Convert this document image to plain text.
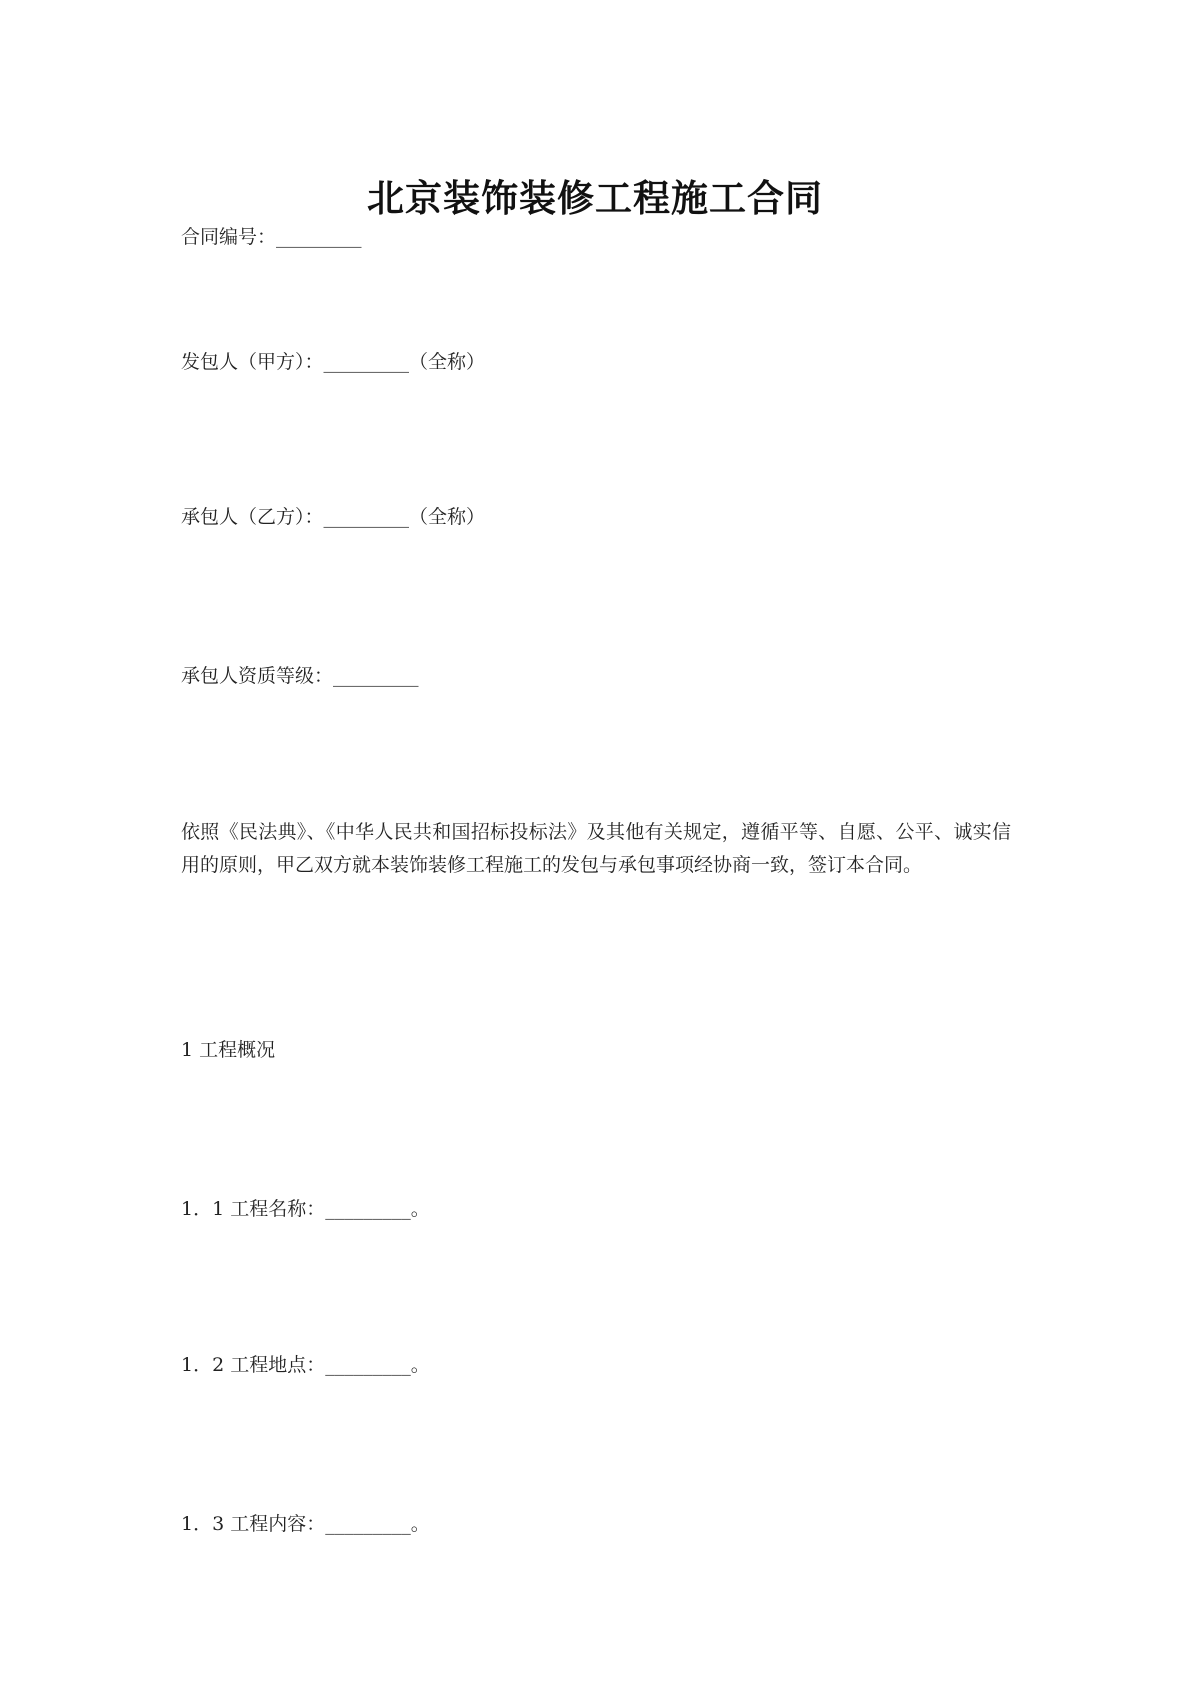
北京装饰装修工程施工合同
合同编号：_________
发包人（甲方）：_________（全称）
承包人（乙方）：_________（全称）
承包人资质等级：_________
依照《民法典》、《中华人民共和国招标投标法》及其他有关规定，遵循平等、自愿、公平、诚实信用的原则，甲乙双方就本装饰装修工程施工的发包与承包事项经协商一致，签订本合同。
1 工程概况
1．1 工程名称：_________。
1．2 工程地点：_________。
1．3 工程内容：_________。
